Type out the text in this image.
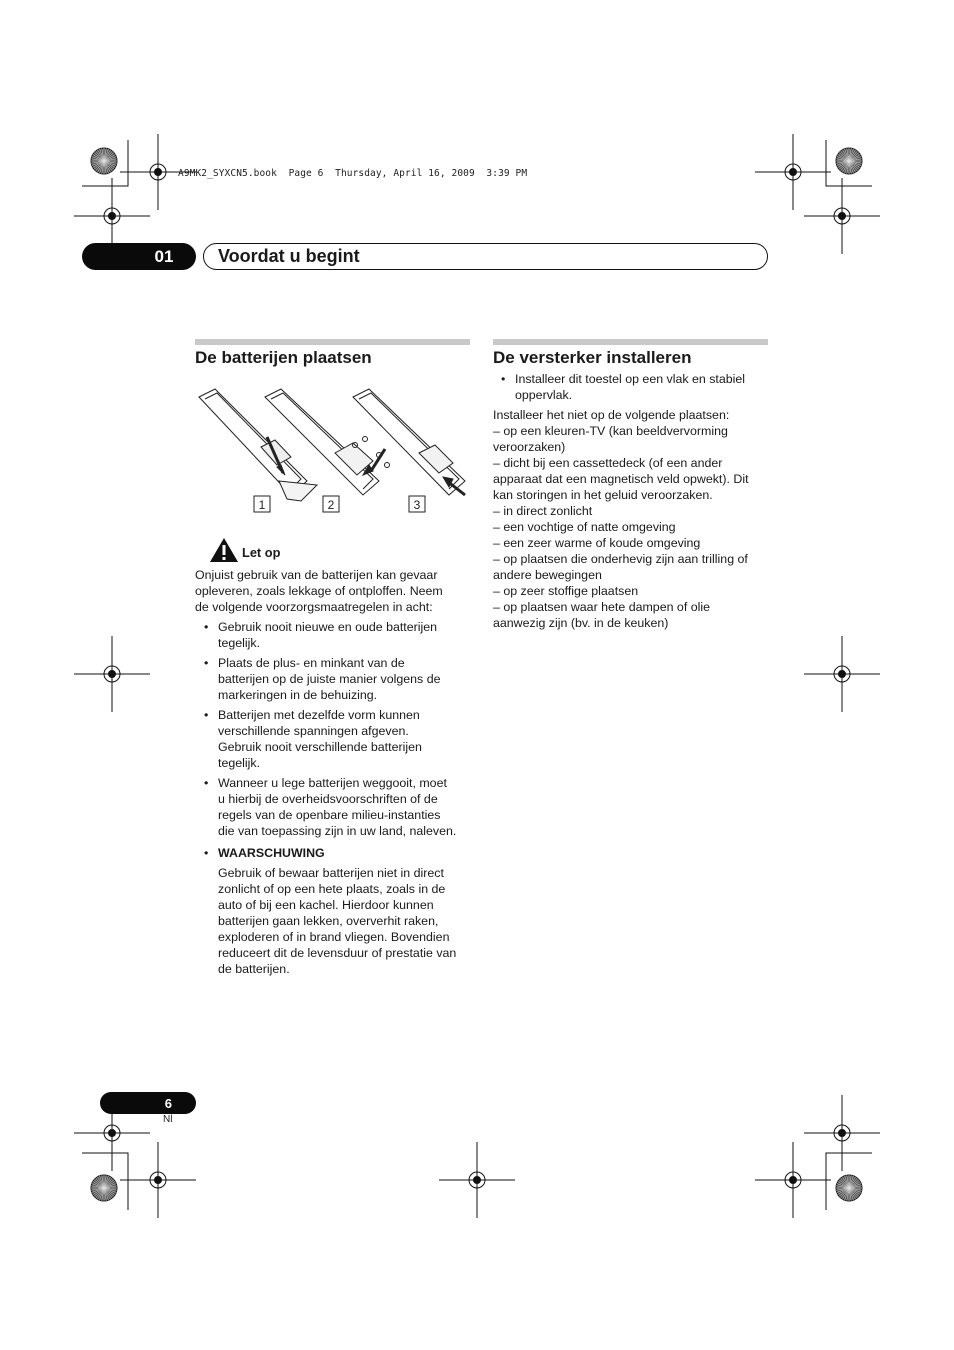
A9MK2_SYXCN5.book  Page 6  Thursday, April 16, 2009  3:39 PM
01	Voordat u begint
De batterijen plaatsen
1	2	3
Let op
Onjuist gebruik van de batterijen kan gevaar
opleveren, zoals lekkage of ontploffen. Neem
de volgende voorzorgsmaatregelen in acht:
• Gebruik nooit nieuwe en oude batterijen
tegelijk.
• Plaats de plus- en minkant van de
batterijen op de juiste manier volgens de
markeringen in de behuizing.
• Batterijen met dezelfde vorm kunnen
verschillende spanningen afgeven.
Gebruik nooit verschillende batterijen
tegelijk.
• Wanneer u lege batterijen weggooit, moet
u hierbij de overheidsvoorschriften of de
regels van de openbare milieu-instanties
die van toepassing zijn in uw land, naleven.
• WAARSCHUWING
Gebruik of bewaar batterijen niet in direct
zonlicht of op een hete plaats, zoals in de
auto of bij een kachel. Hierdoor kunnen
batterijen gaan lekken, oververhit raken,
exploderen of in brand vliegen. Bovendien
reduceert dit de levensduur of prestatie van
de batterijen.
De versterker installeren
• Installeer dit toestel op een vlak en stabiel
oppervlak.
Installeer het niet op de volgende plaatsen:
– op een kleuren-TV (kan beeldvervorming
veroorzaken)
– dicht bij een cassettedeck (of een ander
apparaat dat een magnetisch veld opwekt). Dit
kan storingen in het geluid veroorzaken.
– in direct zonlicht
– een vochtige of natte omgeving
– een zeer warme of koude omgeving
– op plaatsen die onderhevig zijn aan trilling of
andere bewegingen
– op zeer stoffige plaatsen
– op plaatsen waar hete dampen of olie
aanwezig zijn (bv. in de keuken)
6
Nl
